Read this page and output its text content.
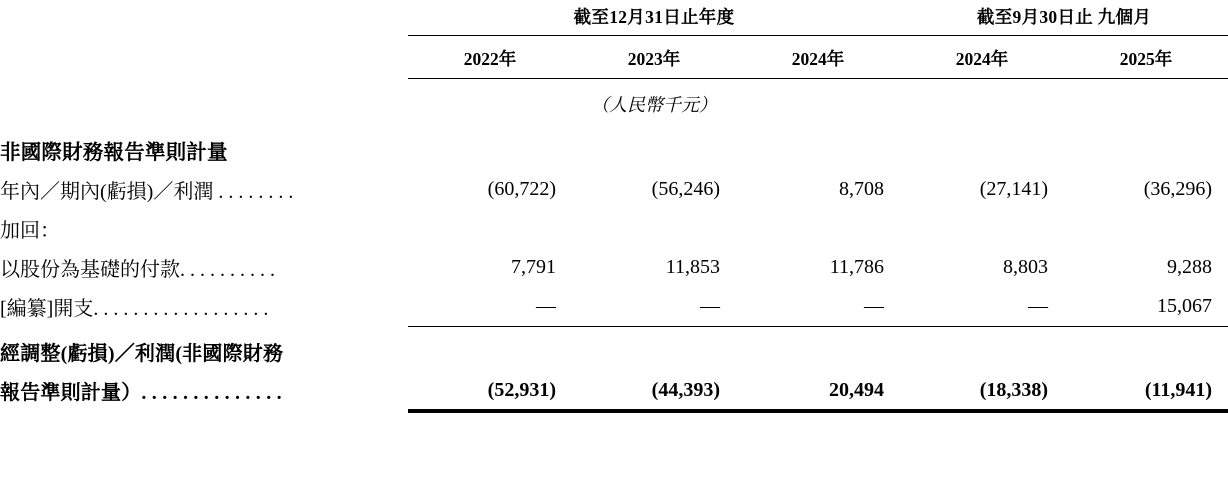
	截至12月31日止年度			截至9月30日止 九個月	
	2022年	2023年	2024年	2024年	2025年
	（人民幣千元）				
非國際財務報告準則計量					
年內／期內(虧損)／利潤 . . . . . . . .	(60,722)	(56,246)	8,708	(27,141)	(36,296)
加回：					
以股份為基礎的付款. . . . . . . . . .	7,791	11,853	11,786	8,803	9,288
[編纂]開支. . . . . . . . . . . . . . . . . .	—	—	—	—	15,067

經調整(虧損)／利潤(非國際財務					
報告準則計量）. . . . . . . . . . . . . .	(52,931)	(44,393)	20,494	(18,338)	(11,941)
